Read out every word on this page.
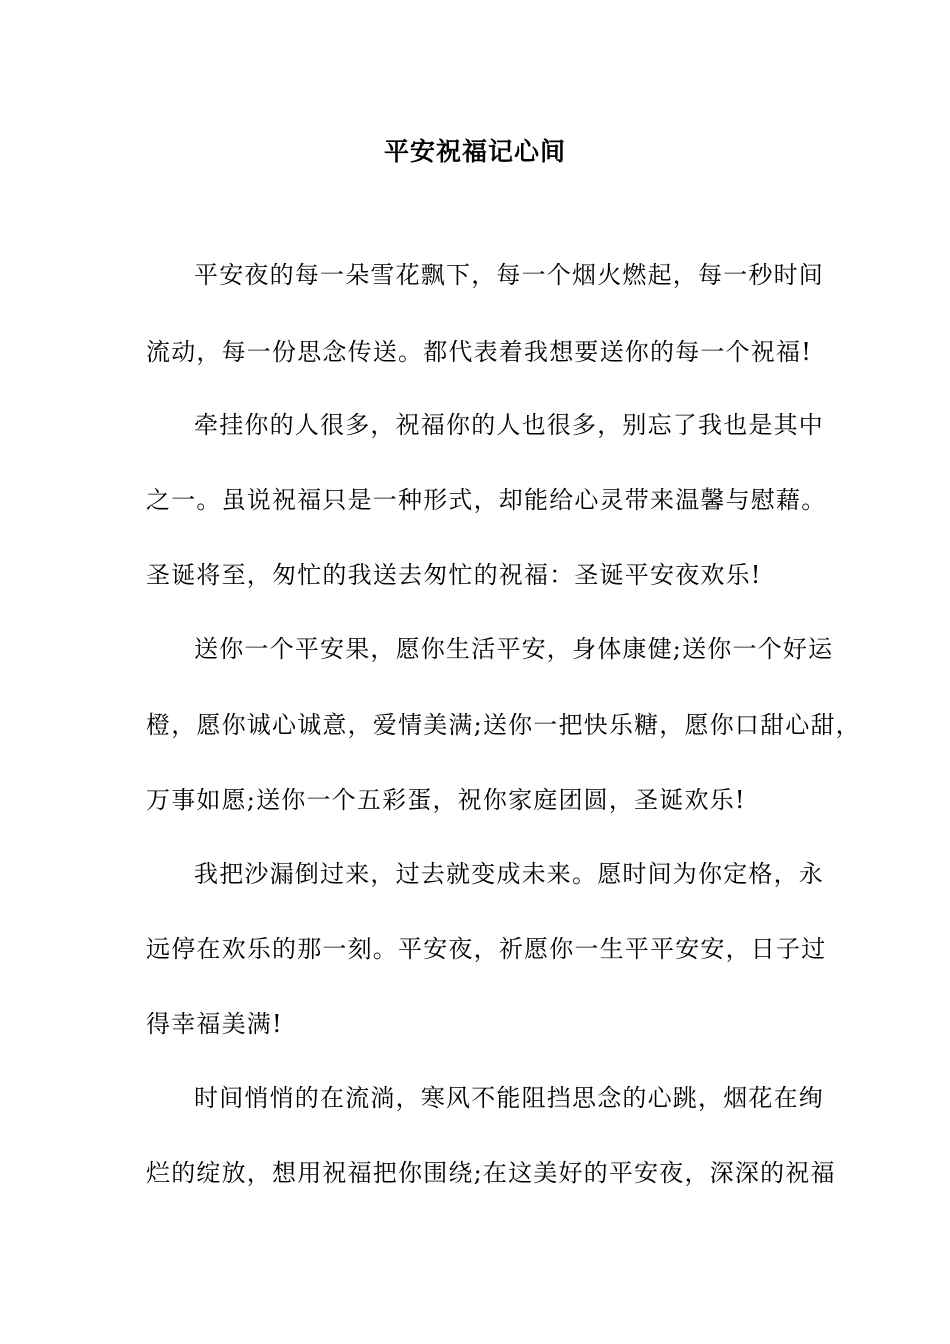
平安祝福记心间
平安夜的每一朵雪花飘下，每一个烟火燃起，每一秒时间
流动，每一份思念传送。都代表着我想要送你的每一个祝福!
牵挂你的人很多，祝福你的人也很多，别忘了我也是其中
之一。虽说祝福只是一种形式，却能给心灵带来温馨与慰藉。
圣诞将至，匆忙的我送去匆忙的祝福：圣诞平安夜欢乐!
送你一个平安果，愿你生活平安，身体康健;送你一个好运
橙，愿你诚心诚意，爱情美满;送你一把快乐糖，愿你口甜心甜，
万事如愿;送你一个五彩蛋，祝你家庭团圆，圣诞欢乐!
我把沙漏倒过来，过去就变成未来。愿时间为你定格，永
远停在欢乐的那一刻。平安夜，祈愿你一生平平安安，日子过
得幸福美满!
时间悄悄的在流淌，寒风不能阻挡思念的心跳，烟花在绚
烂的绽放，想用祝福把你围绕;在这美好的平安夜，深深的祝福
